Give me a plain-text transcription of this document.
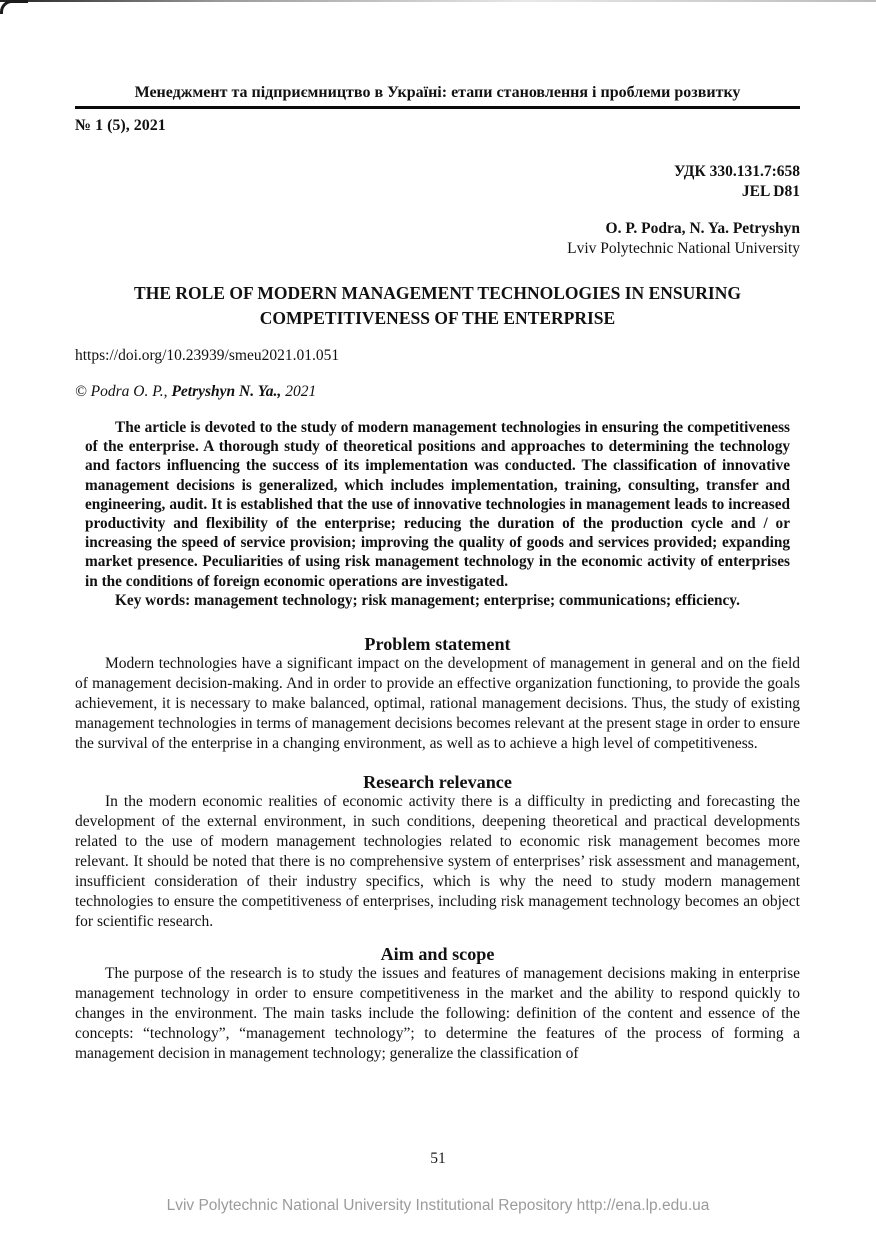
Менеджмент та підприємництво в Україні: етапи становлення і проблеми розвитку
№ 1 (5), 2021
УДК 330.131.7:658
JEL D81
O. P. Podra, N. Ya. Petryshyn
Lviv Polytechnic National University
THE ROLE OF MODERN MANAGEMENT TECHNOLOGIES IN ENSURING COMPETITIVENESS OF THE ENTERPRISE
https://doi.org/10.23939/smeu2021.01.051
© Podra O. P., Petryshyn N. Ya., 2021

The article is devoted to the study of modern management technologies in ensuring the competitiveness of the enterprise. A thorough study of theoretical positions and approaches to determining the technology and factors influencing the success of its implementation was conducted. The classification of innovative management decisions is generalized, which includes implementation, training, consulting, transfer and engineering, audit. It is established that the use of innovative technologies in management leads to increased productivity and flexibility of the enterprise; reducing the duration of the production cycle and / or increasing the speed of service provision; improving the quality of goods and services provided; expanding market presence. Peculiarities of using risk management technology in the economic activity of enterprises in the conditions of foreign economic operations are investigated.

Key words: management technology; risk management; enterprise; communications; efficiency.

Problem statement

Modern technologies have a significant impact on the development of management in general and on the field of management decision-making. And in order to provide an effective organization functioning, to provide the goals achievement, it is necessary to make balanced, optimal, rational management decisions. Thus, the study of existing management technologies in terms of management decisions becomes relevant at the present stage in order to ensure the survival of the enterprise in a changing environment, as well as to achieve a high level of competitiveness.

Research relevance

In the modern economic realities of economic activity there is a difficulty in predicting and forecasting the development of the external environment, in such conditions, deepening theoretical and practical developments related to the use of modern management technologies related to economic risk management becomes more relevant. It should be noted that there is no comprehensive system of enterprises’ risk assessment and management, insufficient consideration of their industry specifics, which is why the need to study modern management technologies to ensure the competitiveness of enterprises, including risk management technology becomes an object for scientific research.

Aim and scope

The purpose of the research is to study the issues and features of management decisions making in enterprise management technology in order to ensure competitiveness in the market and the ability to respond quickly to changes in the environment. The main tasks include the following: definition of the content and essence of the concepts: “technology”, “management technology”; to determine the features of the process of forming a management decision in management technology; generalize the classification of

51
Lviv Polytechnic National University Institutional Repository http://ena.lp.edu.ua
